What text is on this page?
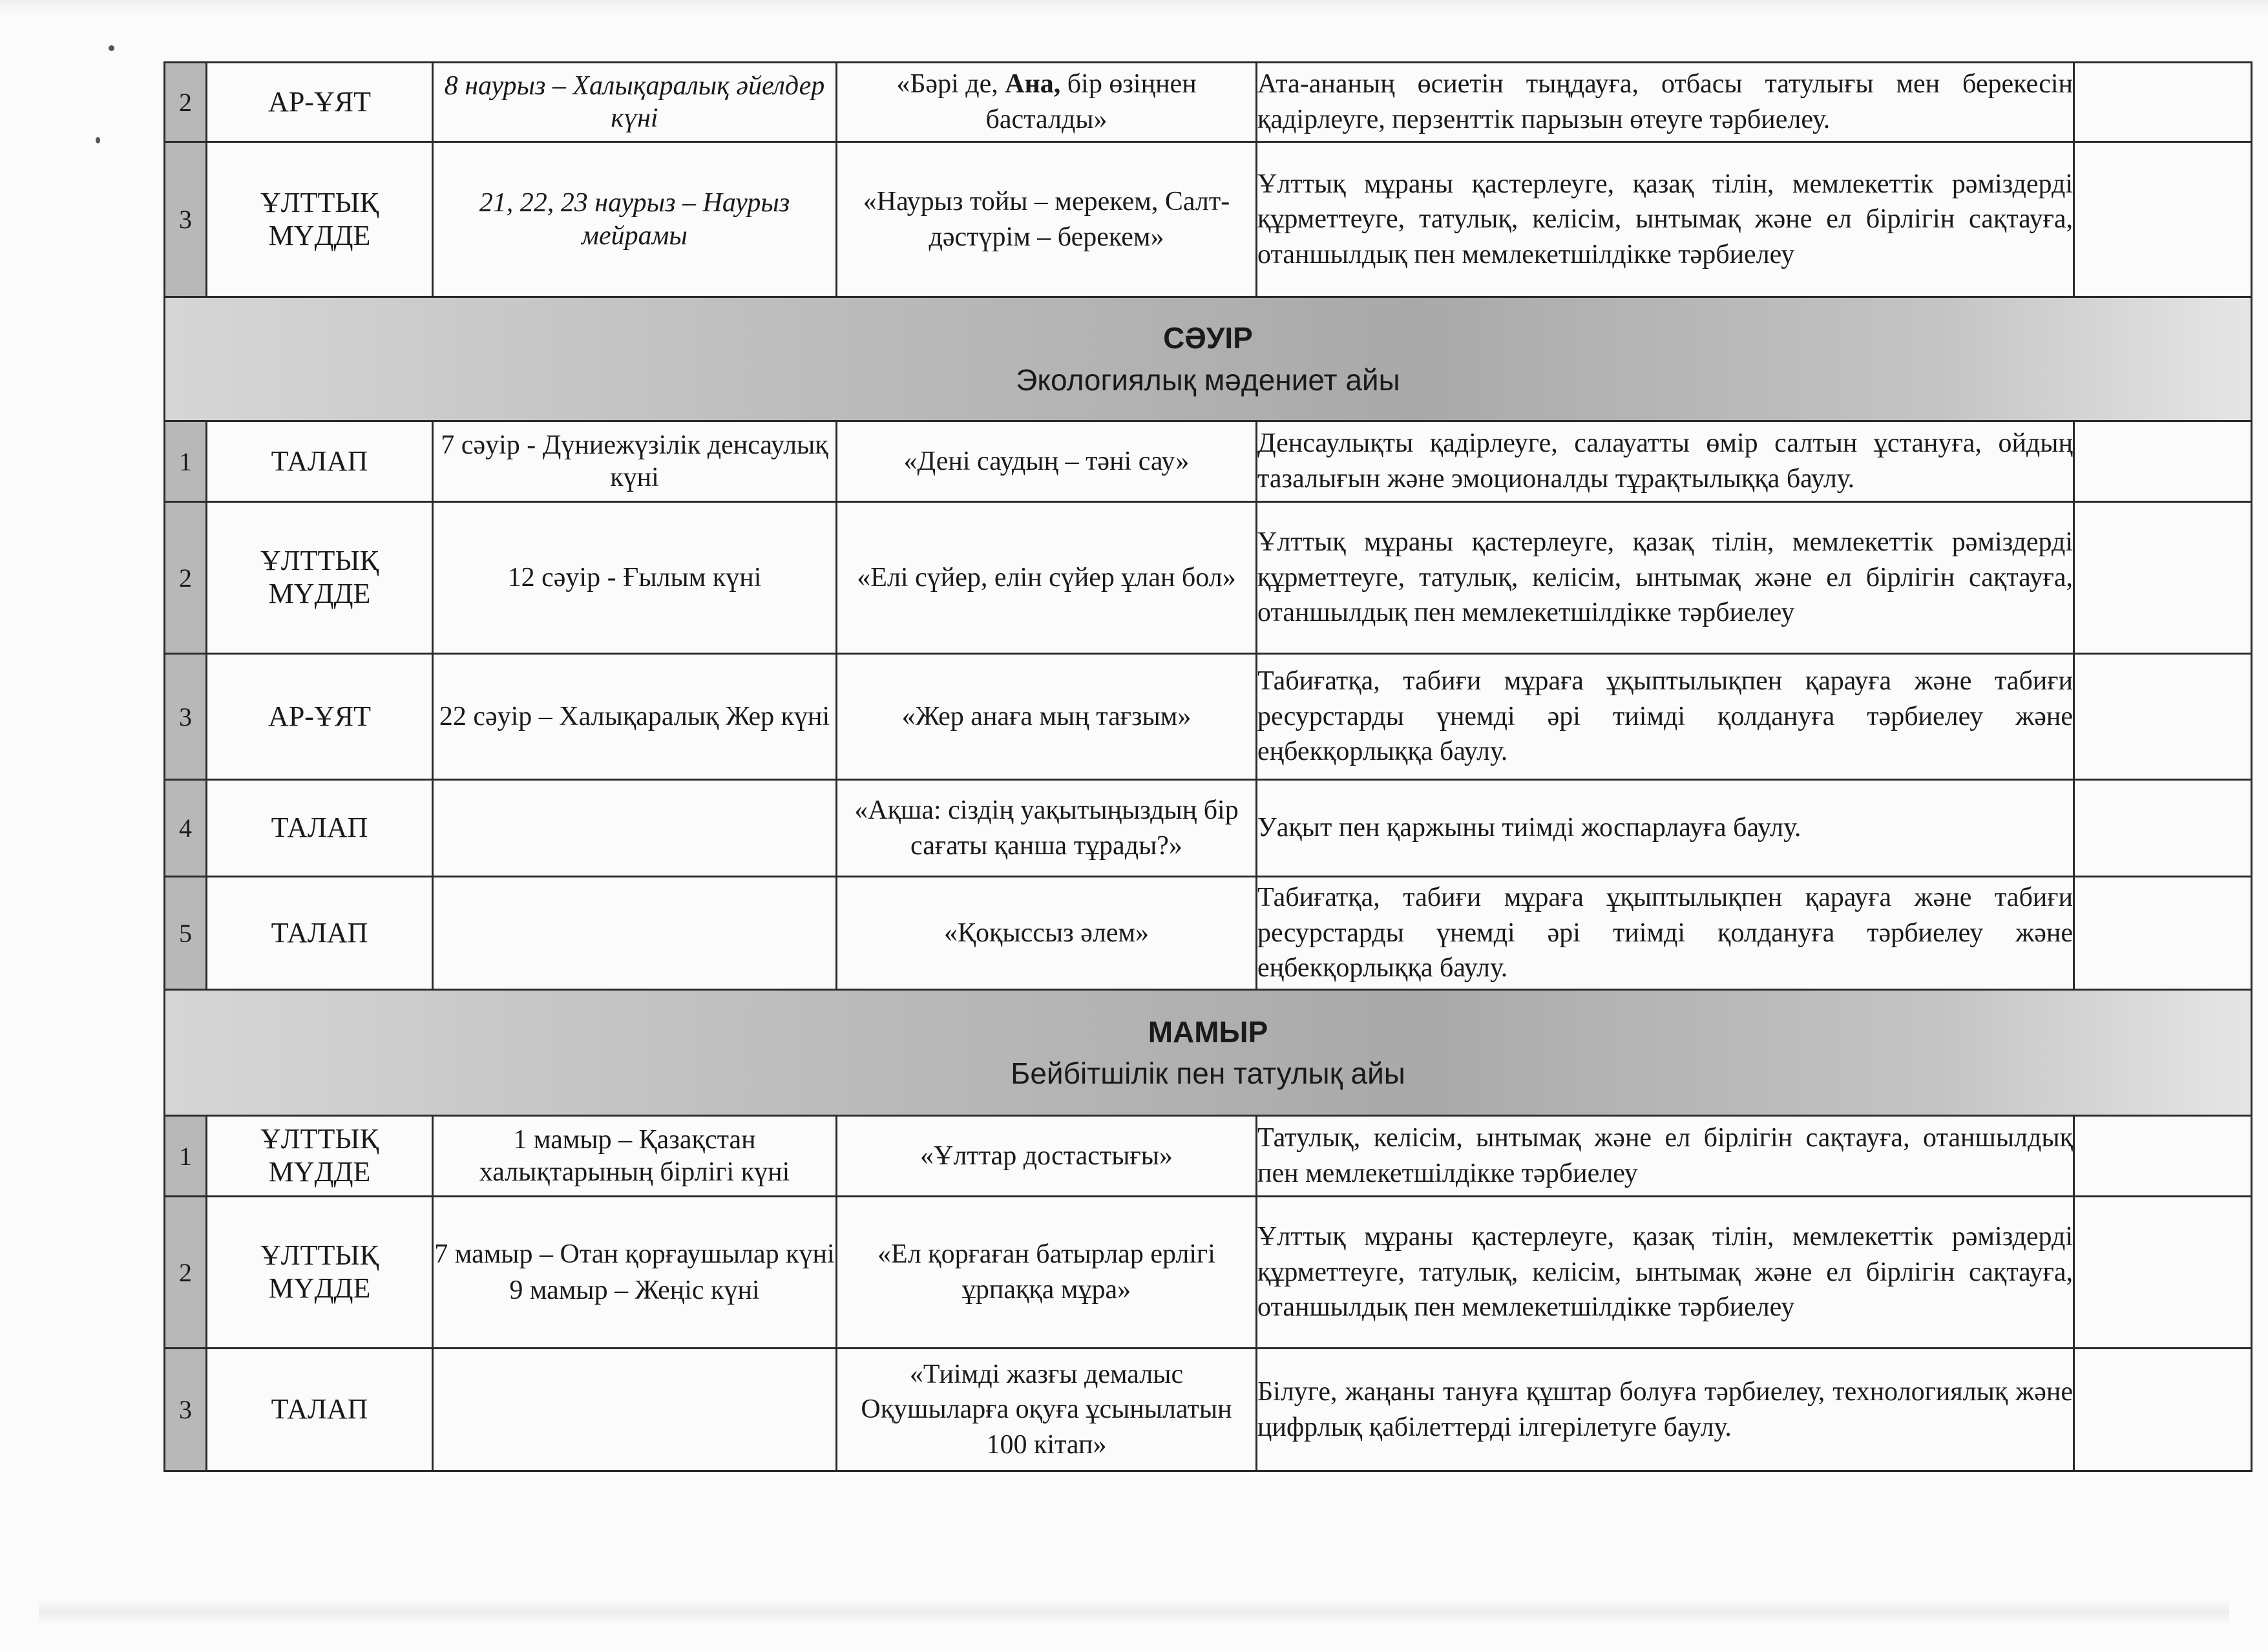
2	АР-ҰЯТ	8 наурыз – Халықаралық әйелдер күні	«Бәрі де, Ана, бір өзіңнен басталды»	Ата-ананың өсиетін тыңдауға, отбасы татулығы мен берекесін қадірлеуге, перзенттік парызын өтеуге тәрбиелеу.	
3	ҰЛТТЫҚ МҮДДЕ	21, 22, 23 наурыз – Наурыз мейрамы	«Наурыз тойы – мерекем, Салт-дәстүрім – берекем»	Ұлттық мұраны қастерлеуге, қазақ тілін, мемлекеттік рәміздерді құрметтеуге, татулық, келісім, ынтымақ және ел бірлігін сақтауға, отаншылдық пен мемлекетшілдікке тәрбиелеу	

СӘУІР
Экологиялық мәдениет айы					

1	ТАЛАП	7 сәуір - Дүниежүзілік денсаулық күні	«Дені саудың – тәні сау»	Денсаулықты қадірлеуге, салауатты өмір салтын ұстануға, ойдың тазалығын және эмоционалды тұрақтылыққа баулу.	
2	ҰЛТТЫҚ МҮДДЕ	12 сәуір - Ғылым күні	«Елі сүйер, елін сүйер ұлан бол»	Ұлттық мұраны қастерлеуге, қазақ тілін, мемлекеттік рәміздерді құрметтеуге, татулық, келісім, ынтымақ және ел бірлігін сақтауға, отаншылдық пен мемлекетшілдікке тәрбиелеу	
3	АР-ҰЯТ	22 сәуір – Халықаралық Жер күні	«Жер анаға мың тағзым»	Табиғатқа, табиғи мұраға ұқыптылықпен қарауға және табиғи ресурстарды үнемді әрі тиімді қолдануға тәрбиелеу және еңбекқорлыққа баулу.	
4	ТАЛАП		«Ақша: сіздің уақытыңыздың бір сағаты қанша тұрады?»	Уақыт пен қаржыны тиімді жоспарлауға баулу.	
5	ТАЛАП		«Қоқыссыз әлем»	Табиғатқа, табиғи мұраға ұқыптылықпен қарауға және табиғи ресурстарды үнемді әрі тиімді қолдануға тәрбиелеу және еңбекқорлыққа баулу.	

МАМЫР
Бейбітшілік пен татулық айы					

1	ҰЛТТЫҚ МҮДДЕ	1 мамыр – Қазақстан халықтарының бірлігі күні	«Ұлттар достастығы»	Татулық, келісім, ынтымақ және ел бірлігін сақтауға, отаншылдық пен мемлекетшілдікке тәрбиелеу	
2	ҰЛТТЫҚ МҮДДЕ	7 мамыр – Отан қорғаушылар күні
9 мамыр – Жеңіс күні	«Ел қорғаған батырлар ерлігі ұрпаққа мұра»	Ұлттық мұраны қастерлеуге, қазақ тілін, мемлекеттік рәміздерді құрметтеуге, татулық, келісім, ынтымақ және ел бірлігін сақтауға, отаншылдық пен мемлекетшілдікке тәрбиелеу	
3	ТАЛАП		«Тиімді жазғы демалыс Оқушыларға оқуға ұсынылатын 100 кітап»	Білуге, жаңаны тануға құштар болуға тәрбиелеу, технологиялық және цифрлық қабілеттерді ілгерілетуге баулу.	
